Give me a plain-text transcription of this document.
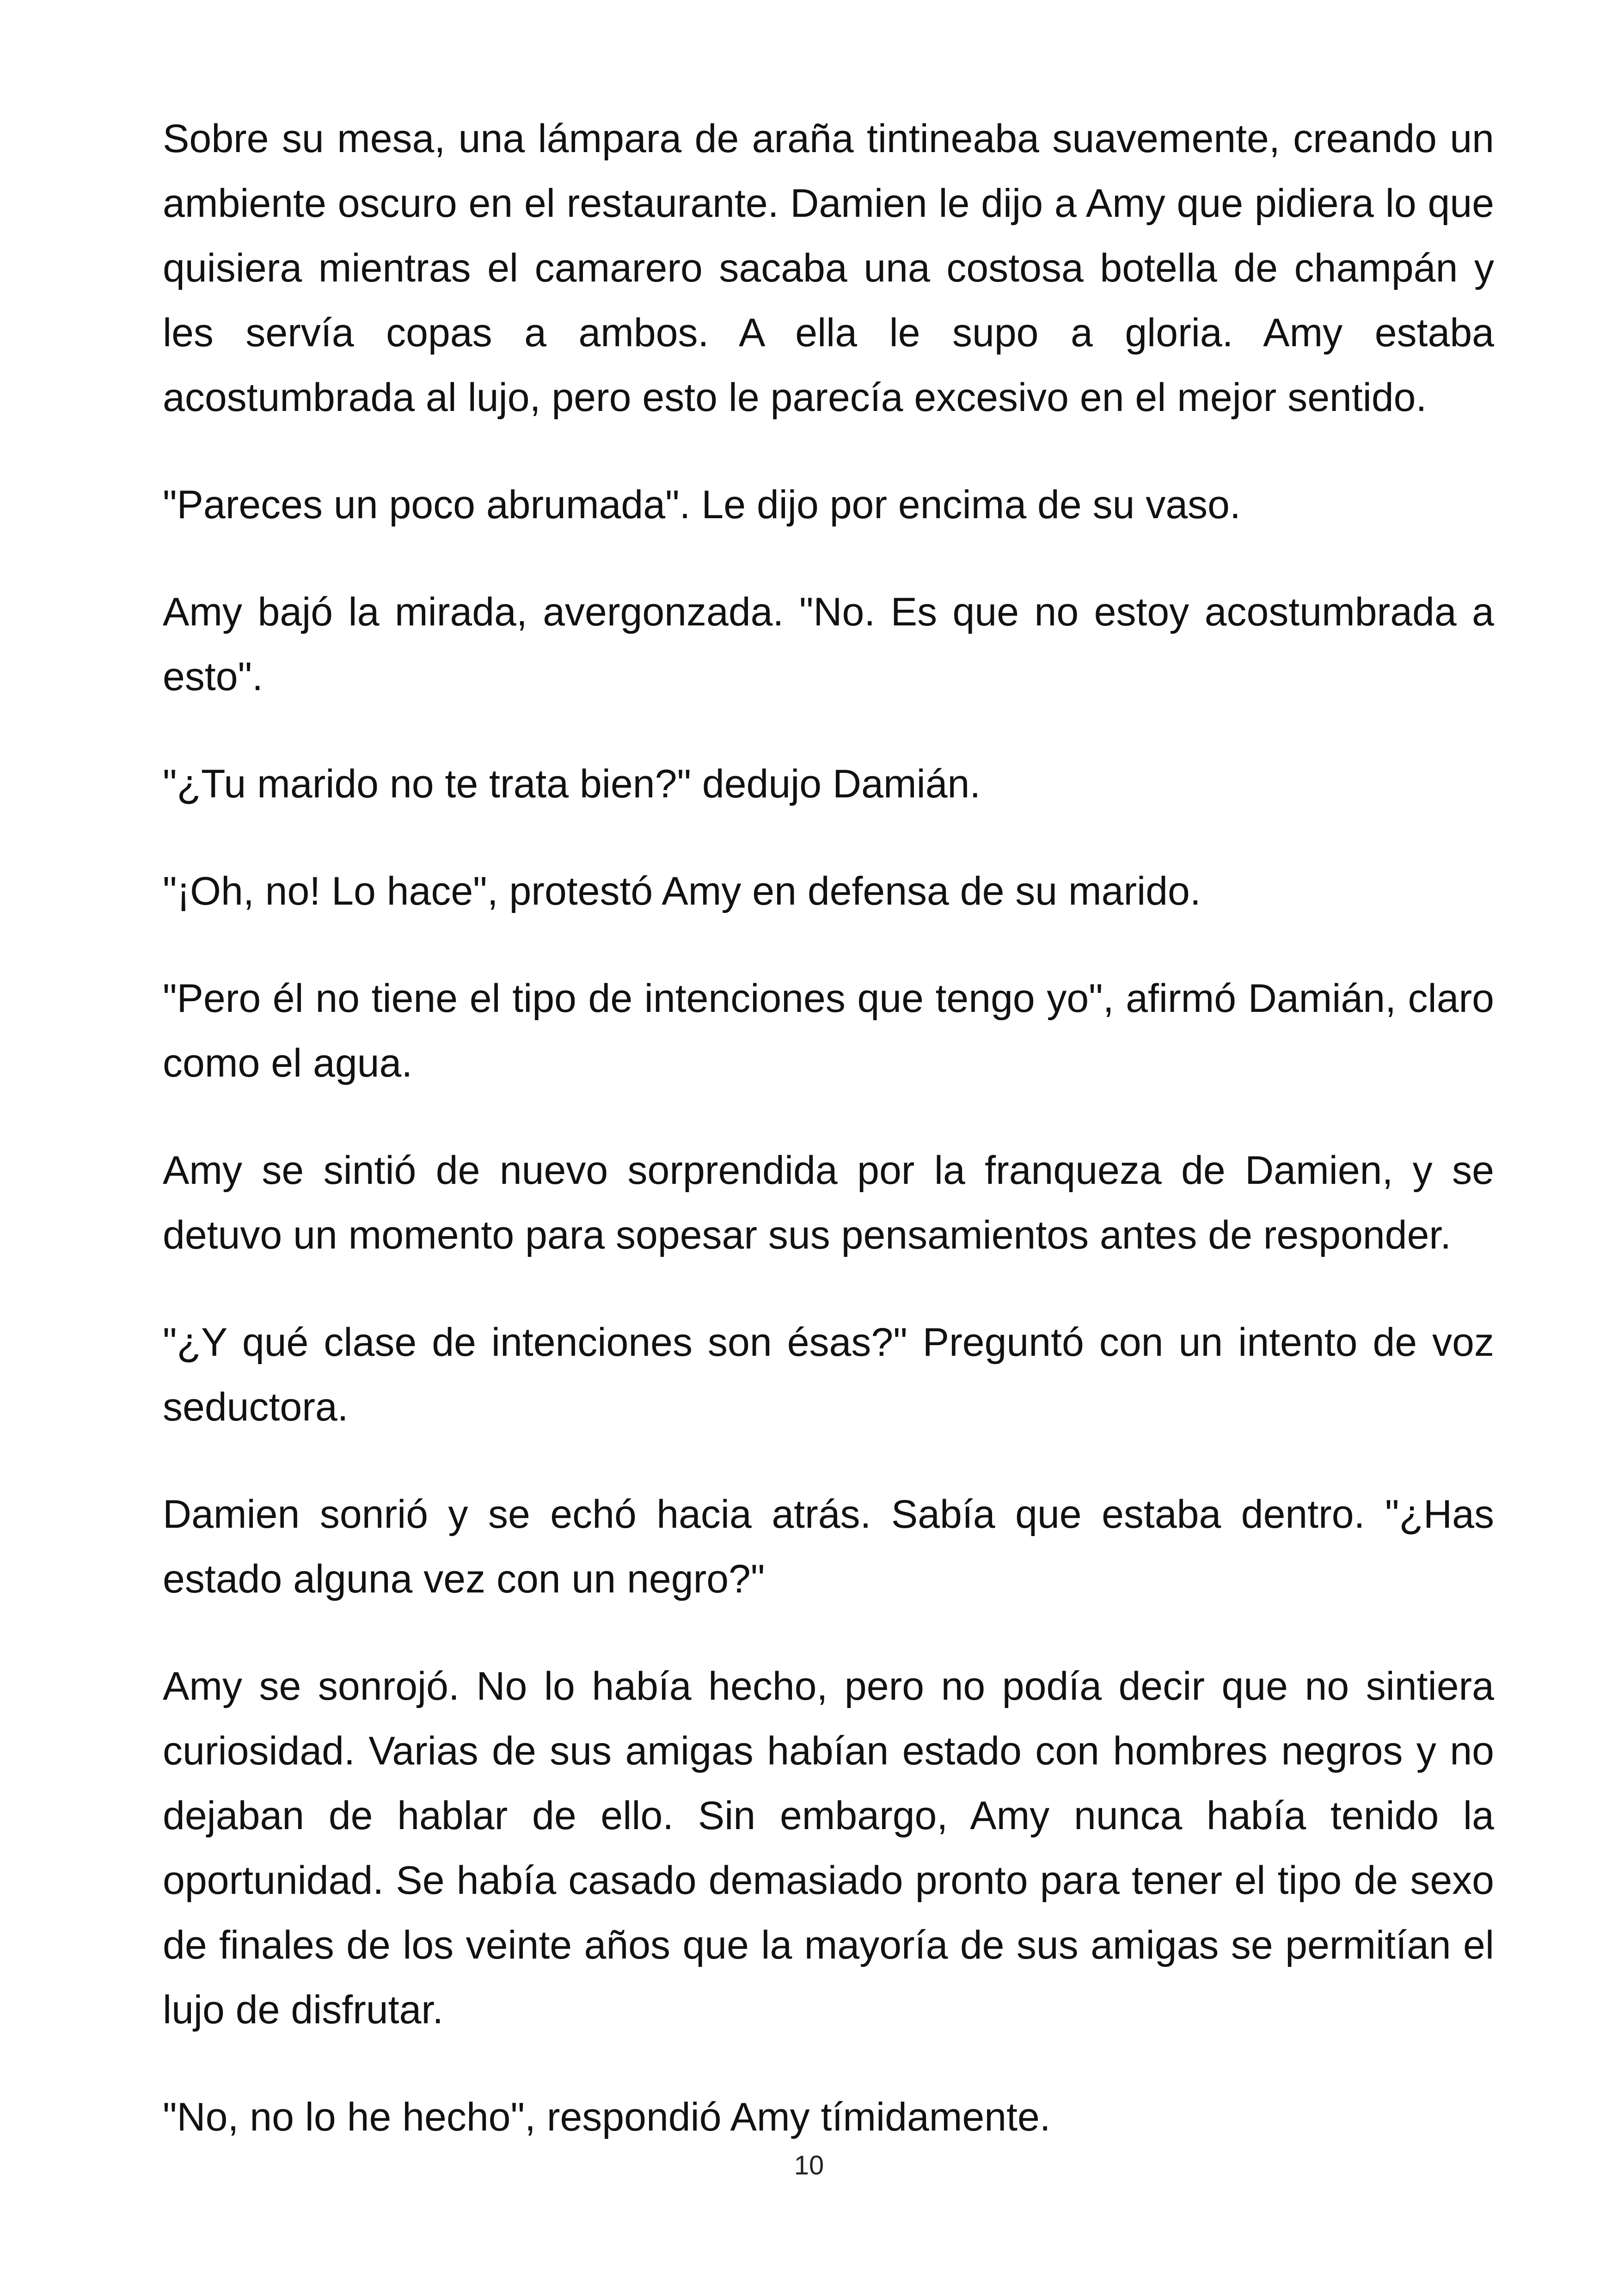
Sobre su mesa, una lámpara de araña tintineaba suavemente, creando un ambiente oscuro en el restaurante. Damien le dijo a Amy que pidiera lo que quisiera mientras el camarero sacaba una costosa botella de champán y les servía copas a ambos. A ella le supo a gloria. Amy estaba acostumbrada al lujo, pero esto le parecía excesivo en el mejor sentido.

"Pareces un poco abrumada". Le dijo por encima de su vaso.

Amy bajó la mirada, avergonzada. "No. Es que no estoy acostumbrada a esto".

"¿Tu marido no te trata bien?" dedujo Damián.

"¡Oh, no! Lo hace", protestó Amy en defensa de su marido.

"Pero él no tiene el tipo de intenciones que tengo yo", afirmó Damián, claro como el agua.

Amy se sintió de nuevo sorprendida por la franqueza de Damien, y se detuvo un momento para sopesar sus pensamientos antes de responder.

"¿Y qué clase de intenciones son ésas?" Preguntó con un intento de voz seductora.

Damien sonrió y se echó hacia atrás. Sabía que estaba dentro. "¿Has estado alguna vez con un negro?"

Amy se sonrojó. No lo había hecho, pero no podía decir que no sintiera curiosidad. Varias de sus amigas habían estado con hombres negros y no dejaban de hablar de ello. Sin embargo, Amy nunca había tenido la oportunidad. Se había casado demasiado pronto para tener el tipo de sexo de finales de los veinte años que la mayoría de sus amigas se permitían el lujo de disfrutar.

"No, no lo he hecho", respondió Amy tímidamente.

10
